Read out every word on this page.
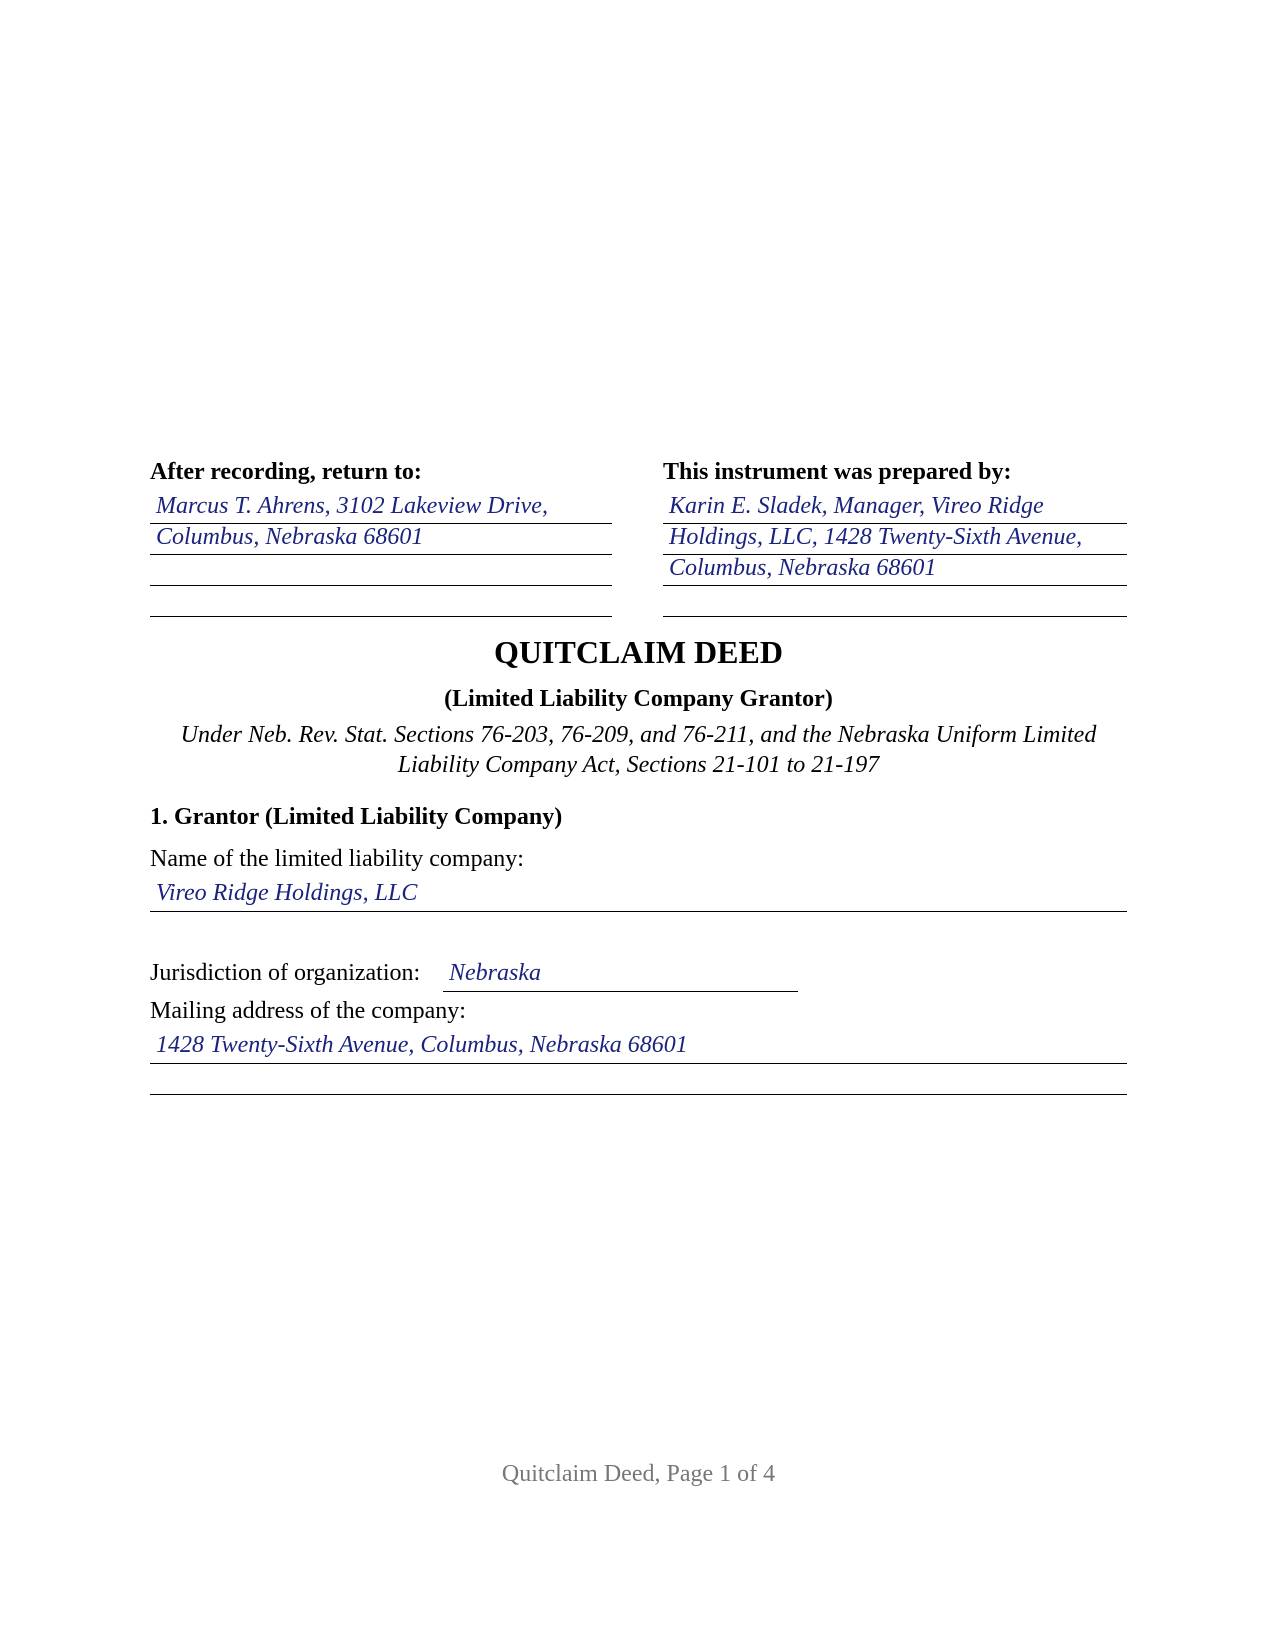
After recording, return to:
Marcus T. Ahrens, 3102 Lakeview Drive,
Columbus, Nebraska 68601
This instrument was prepared by:
Karin E. Sladek, Manager, Vireo Ridge
Holdings, LLC, 1428 Twenty-Sixth Avenue,
Columbus, Nebraska 68601
QUITCLAIM DEED
(Limited Liability Company Grantor)
Under Neb. Rev. Stat. Sections 76-203, 76-209, and 76-211, and the Nebraska Uniform Limited
Liability Company Act, Sections 21-101 to 21-197
1. Grantor (Limited Liability Company)
Name of the limited liability company:
Vireo Ridge Holdings, LLC
Jurisdiction of organization: Nebraska
Mailing address of the company:
1428 Twenty-Sixth Avenue, Columbus, Nebraska 68601
Quitclaim Deed, Page 1 of 4
